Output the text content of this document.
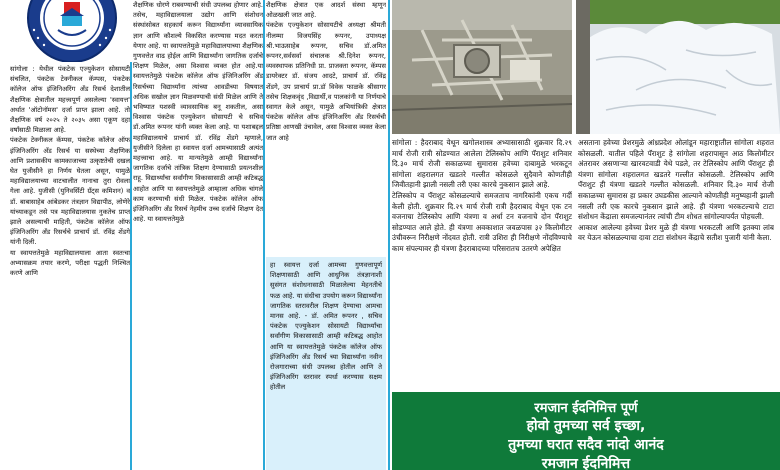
सांगोला : येथील पंकटेक एज्युकेशन सोसायटी संचलित, पंकटेक टेक्नीकल कॅम्पस, पंकटेक कॉलेज ऑफ इंजिनिअरिंग अँड रिसर्च देशातील शैक्षणिक क्षेत्रातील महत्त्वपूर्ण असलेल्या 'स्वायत्त' अर्थात 'ऑटोनॉमस' दर्जा प्राप्त झाला आहे. तो शैक्षणिक वर्ष २०२५ ते २०३५ असा एकूण दहा वर्षांसाठी मिळाला आहे.
पंकटेक टेक्नीकल कॅम्पस, पंकटेक कॉलेज ऑफ इंजिनिअरिंग अँड रिसर्च या सस्थेच्या शैक्षणिक आणि प्रशासकीय कामकाजाच्या उत्कृष्टतेची दखल घेत युजीसीने हा निर्णय घेतला असून, यामुळे महाविद्यालयाच्या वाटचालीत नानाचा तुरा रोवला गेला आहे. युजीसी (युनिवर्सिटी ग्रँट्स कमिशन) व डॉ. बाबासाहेब आंबेडकर तंत्रज्ञान विद्यापीठ, लोणेरे यांच्याकडून तसे पत्र महाविद्यालयास नुकतेच प्राप्त झाले असल्याची माहिती, पंकटेक कॉलेज ऑफ इंजिनिअरिंग अँड रिसर्चचे प्राचार्य डॉ. रविंद्र शेंडगे यांनी दिली.
या स्वायत्ततेमुळे महाविद्यालयाला आता स्वतःचा अभ्यासक्रम तयार करणे, परीक्षा पद्धती निश्चित करणे आणि

शैक्षणिक धोरणे राबवण्याची संधी उपलब्ध होणार आहे. तसेच, महाविद्यालयाला उद्योग आणि संशोधन संस्थांसोबत सहकार्य करून विद्यार्थ्यांना व्यावसायिक ज्ञान आणि कौशल्ये विकसित करण्यास मदत करता येणार आहे. या स्वायत्ततेमुळे महाविद्यालयाच्या शैक्षणिक गुणवत्तेत वाढ होईल आणि विद्यार्थ्यांना जागतिक दर्जाचे शिक्षण मिळेल, असा विश्वास व्यक्त होत आहे.या स्वायत्ततेमुळे पंकटेक कॉलेज ऑफ इंजिनिअरिंग अँड रिसर्चच्या विद्यार्थ्यांना त्यांच्या आवडीच्या विषयात अधिक सखोल ज्ञान मिळवण्याची संधी मिळेल आणि ते भविष्यात यशस्वी व्यावसायिक बनू शकतील, असा विश्वास पंकटेक एज्युकेशन सोसायटी चे सचिव डॉ.अमित रूपनर यांनी व्यक्त केला आहे. या यशाबद्दल महाविद्यालयाचे प्राचार्य डॉ. रविंद्र शेंडगे म्हणाले, युजीसीने दिलेला हा स्वायत्त दर्जा आमच्यासाठी अत्यंत महत्त्वाचा आहे. या मान्यतेमुळे आम्ही विद्यार्थ्यांना जागतिक दर्जाचे तांत्रिक शिक्षण देण्यासाठी प्रयत्नशील राहू. विद्यार्थ्यांचा सर्वांगीण विकासासाठी आम्ही कटिबद्ध आहोत आणि या स्वायत्ततेमुळे आम्हाला अधिक चांगले काम करण्याची संधी मिळेल. पंकटेक कॉलेज ऑफ इंजिनिअरिंग अँड रिसर्च नेहमीच उच्च दर्जाचे शिक्षण देत आहे. या स्वायत्ततेमुळे

शैक्षणिक क्षेत्रात एक आदर्श संस्था म्हणून ओळखली जात आहे.
पंकटेक एज्युकेशन सोसायटीचे अध्यक्षा श्रीमती नीलम्मा विजयसिंह रूपनर, उपाध्यक्ष श्री.भाऊसाहेब रूपनर, सचिव डॉ.अमित रूपनर,सर्वसर्वा संचालक श्री.दिनेश रूपनर, व्यवस्थापक प्रतिनिधी प्रा. प्राजक्ता रूपनर, कॅम्पस डायरेक्टर डॉ. संजय आदटे, प्राचार्य डॉ. रविंद्र शेंडगे, उप प्राचार्य प्रा.डॉ विवेक फाळके श्रीसागर तसेच शिक्षकवृंद ,विद्यार्थी,व पालकांनी या निर्णयाचे स्वागत केले असून, यामुळे अभियांत्रिकी क्षेत्रात पंकटेक कॉलेज ऑफ इंजिनिअरिंग अँड रिसर्चची प्रतिष्ठा आणखी उंचावेल, असा विश्वास व्यक्त केला जात आहे

हा स्वायत्त दर्जा आमच्या गुणवत्तापूर्ण शिक्षणासाठी आणि आधुनिक तंत्रज्ञानाशी सुसंगत संशोधनासाठी मिळालेल्या मेहनतीचे फळ आहे. या संधीचा उपयोग करून विद्यार्थ्यांना जागतिक स्तरावरील शिक्षण देण्याचा आमचा मानस आहे. - डॉ. अमित रूपनर , सचिव पंकटेक एज्युकेशन सोसायटी विद्यार्थ्यांचा सर्वांगीण विकासासाठी आम्ही कटिबद्ध आहोत आणि या स्वायत्ततेमुळे पंकटेक कॉलेज ऑफ इंजिनिअरिंग अँड रिसर्च च्या विद्यार्थ्यांना नवीन रोजगाराच्या संधी उपलब्ध होतील आणि ते इंजिनिअरिंग स्तरावर स्पर्धा करण्यास सक्षम होतील

सांगोला : हैदराबाद येथून खगोलशास्त्र अभ्यासासाठी शुक्रवार दि.२९ मार्च रोजी रात्री सोडण्यात आलेला टेलिस्कोप आणि पॅराशुट शनिवार दि.३० मार्च रोजी सकाळच्या सुमारास हवेच्या दाबामुळे भरकटून सांगोला शहरालगत खडतरे गल्लीत कोसळले सुदैवाने कोणतीही जिवीतहानी झाली नसली तरी एका कारचे नुकसान झाले आहे.
टेलिस्कोप व पॅराशुट कोसळल्याचे समजताच नागरिकांनी एकच गर्दी केली होती. शुक्रवार दि.२९ मार्च रोजी रात्री हैदराबाद येथून एक टन वजनाचा टेलिस्कोप आणि यंत्रणा व अर्धा टन वजनाचे दोन पॅराशुट सोडण्यात आले होते. ही यंत्रणा अवकाशात जवळपास ३२ किलोमीटर उंचीवरून निरीक्षणे नोंदवत होती. रात्री उशिरा ही निरीक्षणे नोंदविण्याचे काम संपल्यावर ही यंत्रणा हैदराबादच्या परिसरातच उतरणे अपेक्षित

असताना हवेच्या प्रेशरमुळे आंध्रप्रदेश ओलांडून महाराष्ट्रातील सांगोला शहरात कोसळली. यातील पहिले पॅराशुट हे सांगोला शहरापासून आठ किलोमीटर अंतरावर असणाऱ्या खारवटवाडी येथे पडले, तर टेलिस्कोप आणि पॅराशुट ही यंत्रणा सांगोला शहरालगत खडतरे गल्लीत कोसळली. टेलिस्कोप आणि पॅराशुट ही यंत्रणा खडतरे गल्लीत कोसळली. शनिवार दि.३० मार्च रोजी सकाळच्या सुमारास हा प्रकार उघडकीस आल्याने कोणतीही मनुष्यहानी झाली नसली तरी एक कारचे नुकसान झाले आहे. ही यंत्रणा भरकटल्याचे टाटा संशोधन केंद्राला समजल्यानंतर त्यांची टीम शोधत सांगोल्यापर्यंत पोहचली.
आकाश आलेल्या हवेच्या प्रेशर मुळे ही यंत्रणा भरकटली आणि इतक्या लांब वर येऊन कोसळल्याचा दावा टाटा संशोधन केंद्राचे सतीश पुजारी यांनी केला.

रमजान ईदनिमित्त पूर्ण
होवो तुमच्या सर्व इच्छा,
तुमच्या घरात सदैव नांदो आनंद
रमजान ईदनिमित्त
